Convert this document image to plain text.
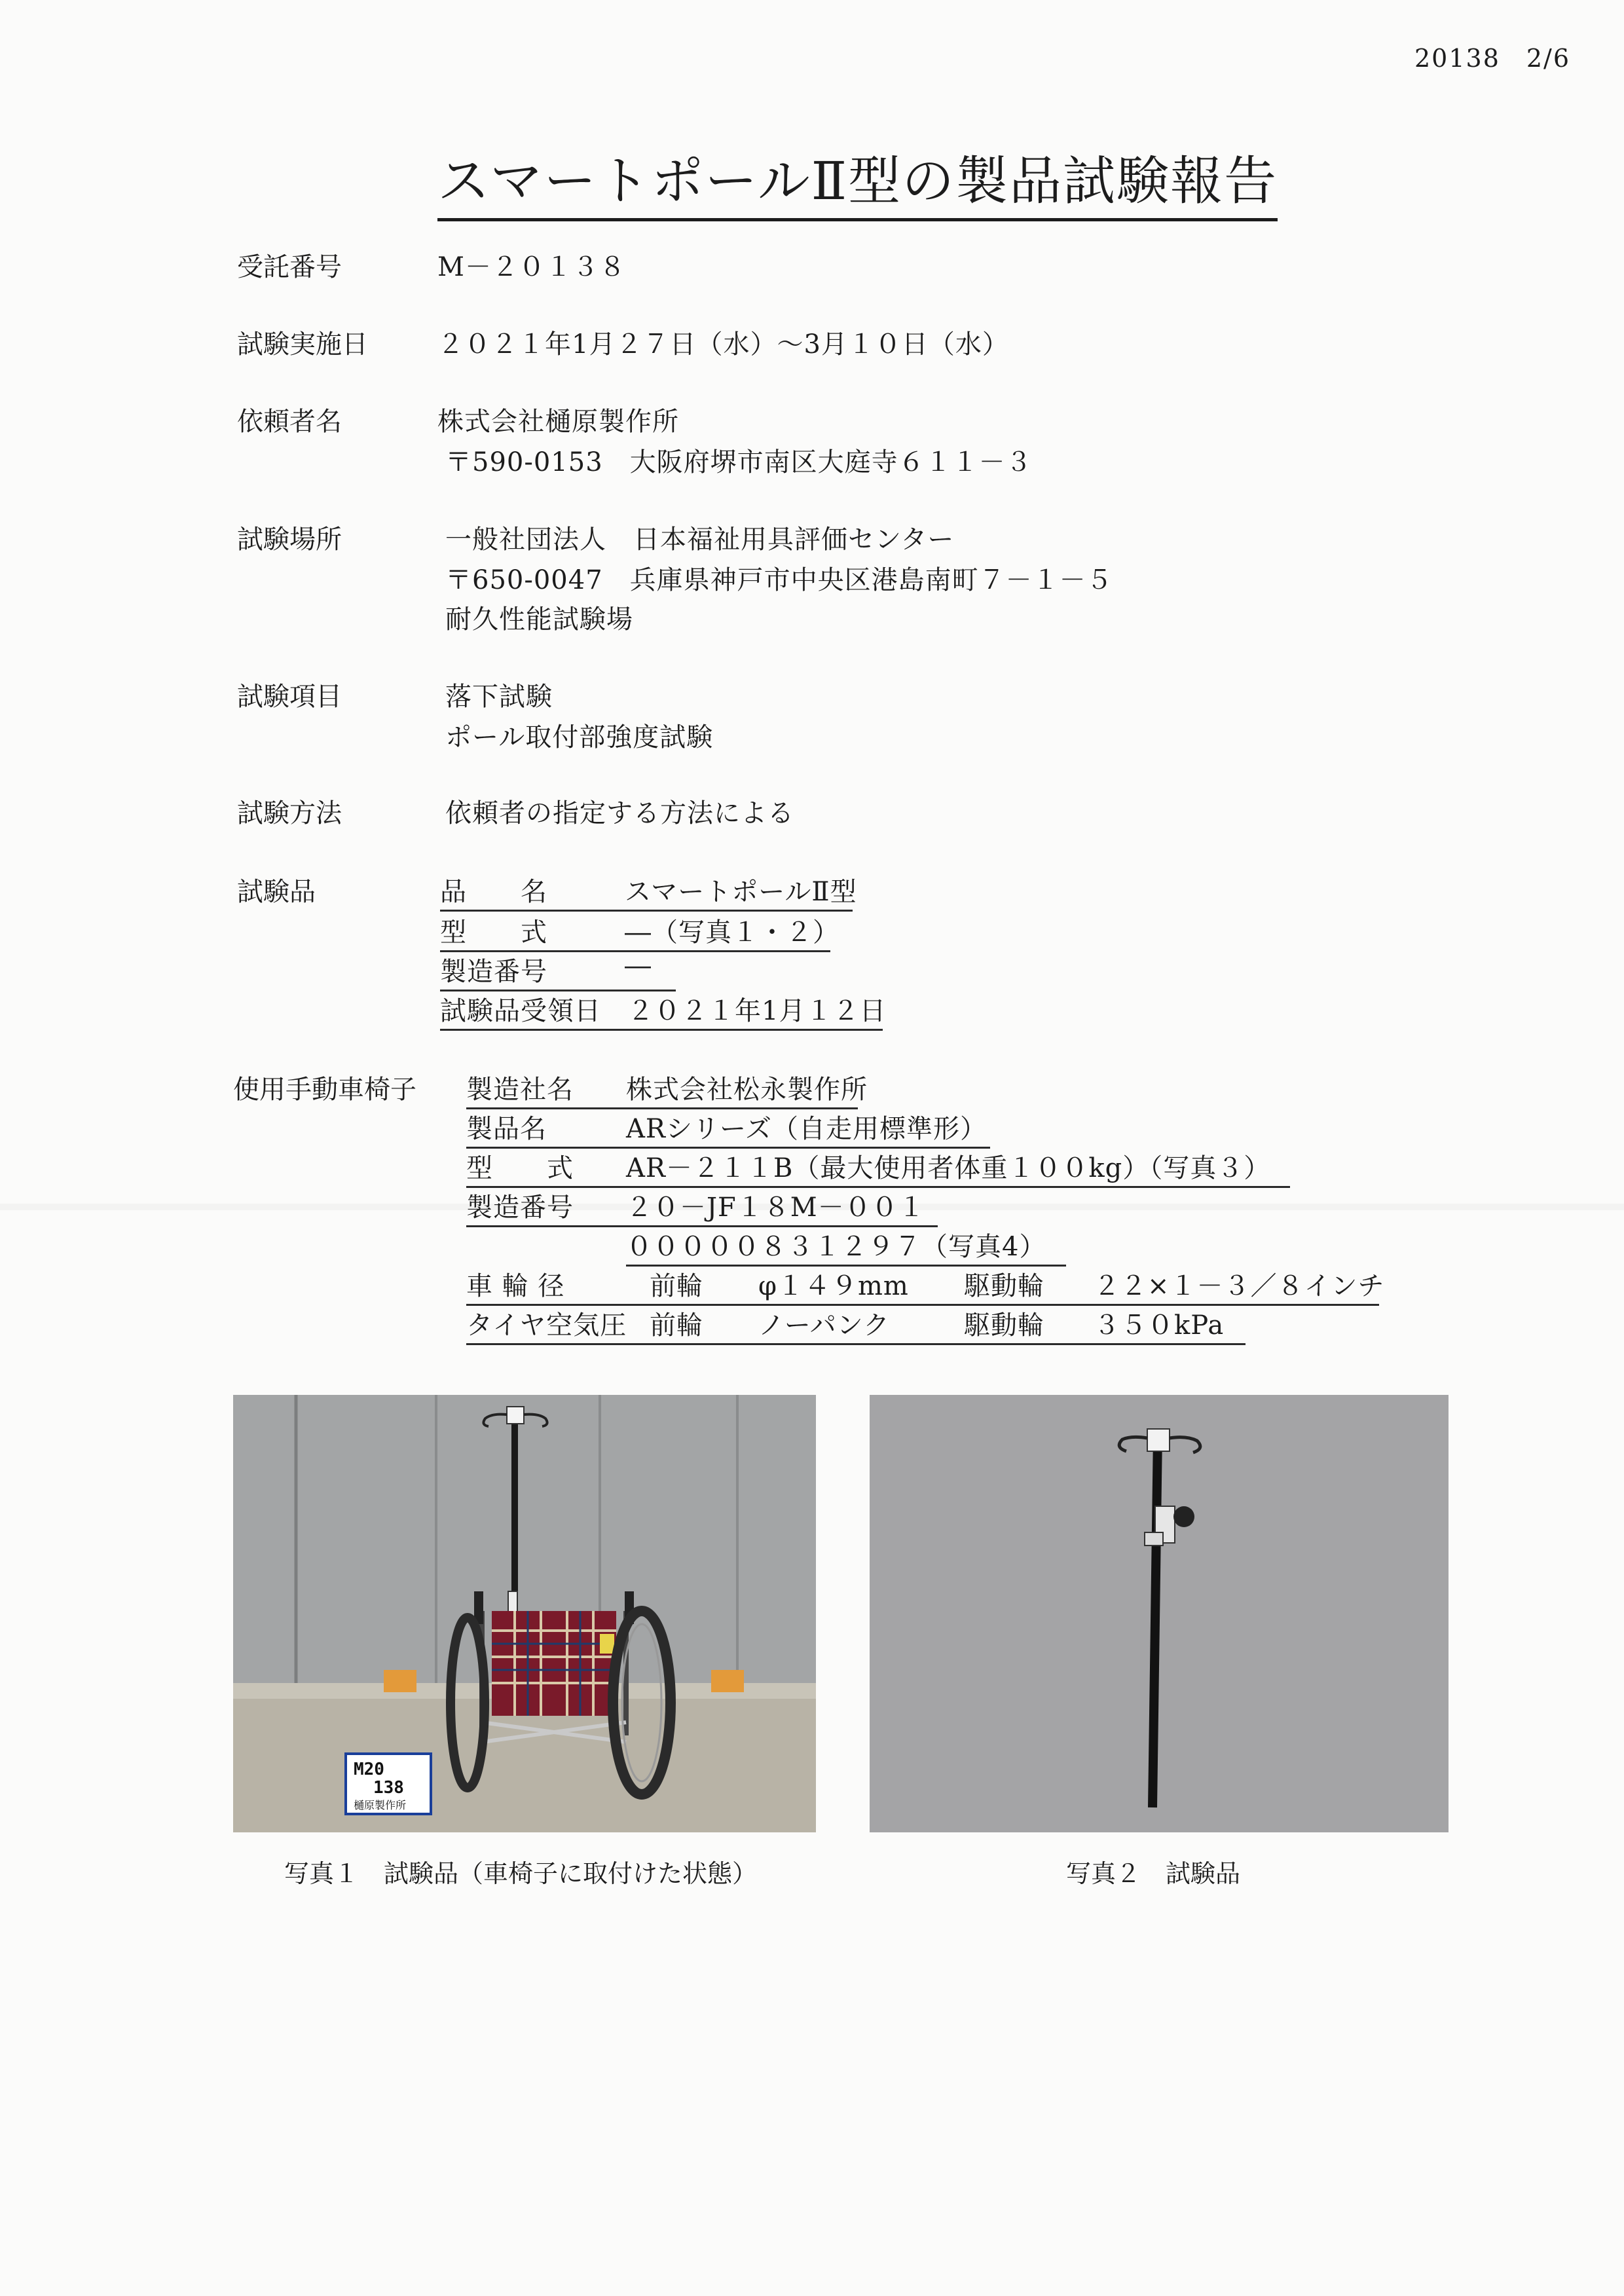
20138　2/6
スマートポールⅡ型の製品試験報告
受託番号	M－２０１３８
試験実施日	２０２１年1月２７日（水）～3月１０日（水）
依頼者名	株式会社樋原製作所
〒590-0153　大阪府堺市南区大庭寺６１１－３
試験場所	一般社団法人　日本福祉用具評価センター
〒650-0047　兵庫県神戸市中央区港島南町７－１－５
耐久性能試験場
試験項目	落下試験
ポール取付部強度試験
試験方法	依頼者の指定する方法による
試験品	品　　名	スマートポールⅡ型
型　　式	―（写真１・２）
製造番号	―
試験品受領日 ２０２１年1月１２日
使用手動車椅子 製造社名 株式会社松永製作所
製品名	ARシリーズ（自走用標準形）
型　　式 AR－２１１B（最大使用者体重１００kg）（写真３）
製造番号 ２０－JF１８M－００１
０００００８３１２９７（写真4）
車 輪 径	前輪 φ１４９mm 駆動輪 ２２×１－３／８インチ
タイヤ空気圧 前輪 ノーパンク	駆動輪 ３５０kPa
M20
138
樋原製作所
写真１　試験品（車椅子に取付けた状態）	写真２　試験品
